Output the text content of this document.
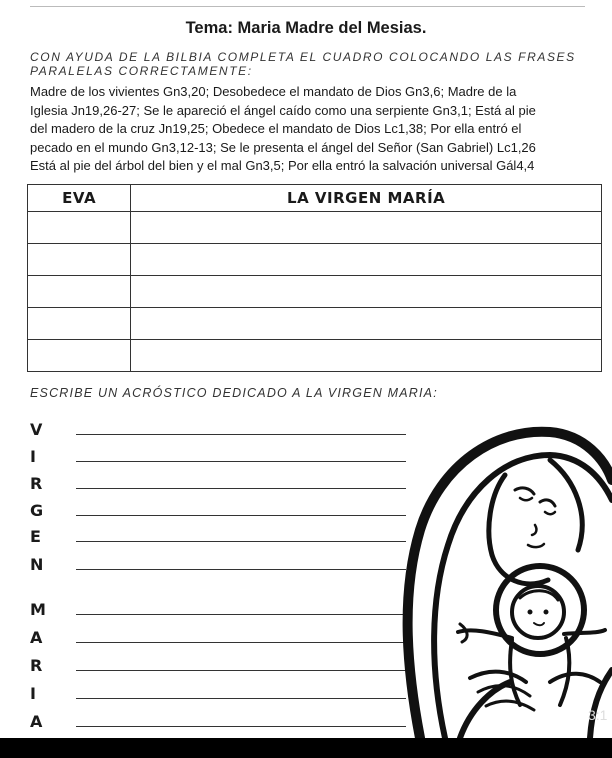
Tema: Maria Madre del Mesias.
CON AYUDA DE LA BILBIA COMPLETA EL CUADRO COLOCANDO LAS FRASES
PARALELAS CORRECTAMENTE:
Madre de los vivientes Gn3,20; Desobedece el mandato de Dios Gn3,6; Madre de la
Iglesia Jn19,26-27; Se le apareció el ángel caído como una serpiente Gn3,1; Está al pie
del madero de la cruz Jn19,25; Obedece el mandato de Dios Lc1,38; Por ella entró el
pecado en el mundo Gn3,12-13; Se le presenta el ángel del Señor (San Gabriel) Lc1,26
Está al pie del árbol del bien y el mal Gn3,5; Por ella entró la salvación universal Gál4,4
EVA	LA VIRGEN MARÍA

ESCRIBE UN ACRÓSTICO DEDICADO A LA VIRGEN MARIA:
V
I
R
G
E
N
M
A
R
I
A	3:1
